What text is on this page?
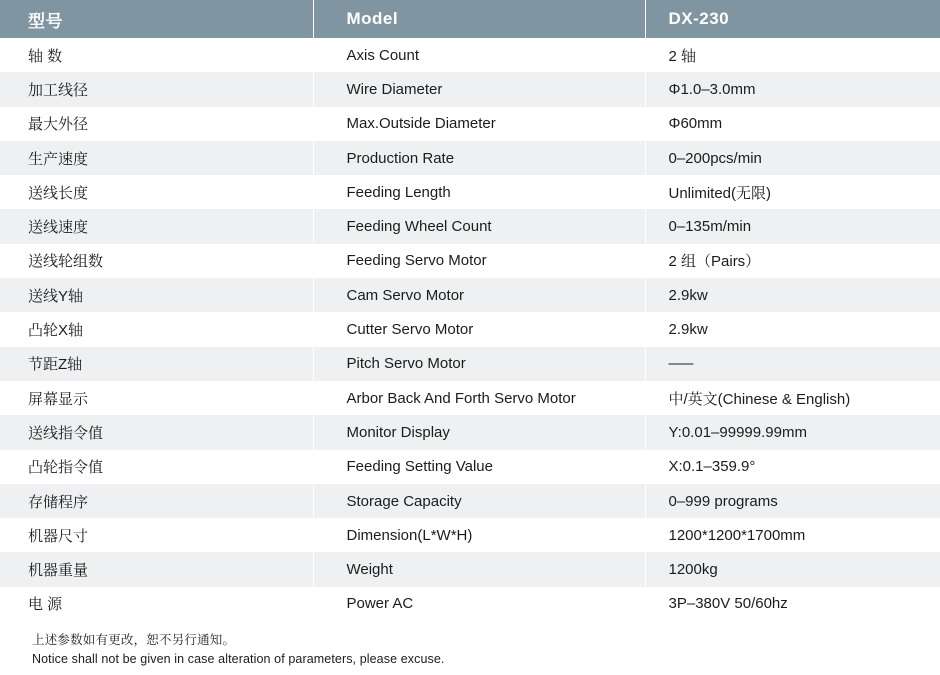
型号	Model	DX-230
轴 数	Axis Count	2 轴
加工线径	Wire Diameter	Φ1.0–3.0mm
最大外径	Max.Outside Diameter	Φ60mm
生产速度	Production Rate	0–200pcs/min
送线长度	Feeding Length	Unlimited(无限)
送线速度	Feeding Wheel Count	0–135m/min
送线轮组数	Feeding Servo Motor	2 组（Pairs）
送线Y轴	Cam Servo Motor	2.9kw
凸轮X轴	Cutter Servo Motor	2.9kw
节距Z轴	Pitch Servo Motor	–––
屏幕显示	Arbor Back And Forth Servo Motor	中/英文(Chinese & English)
送线指令值	Monitor Display	Y:0.01–99999.99mm
凸轮指令值	Feeding Setting Value	X:0.1–359.9°
存储程序	Storage Capacity	0–999 programs
机器尺寸	Dimension(L*W*H)	1200*1200*1700mm
机器重量	Weight	1200kg
电 源	Power AC	3P–380V 50/60hz
上述参数如有更改，恕不另行通知。
Notice shall not be given in case alteration of parameters, please excuse.
